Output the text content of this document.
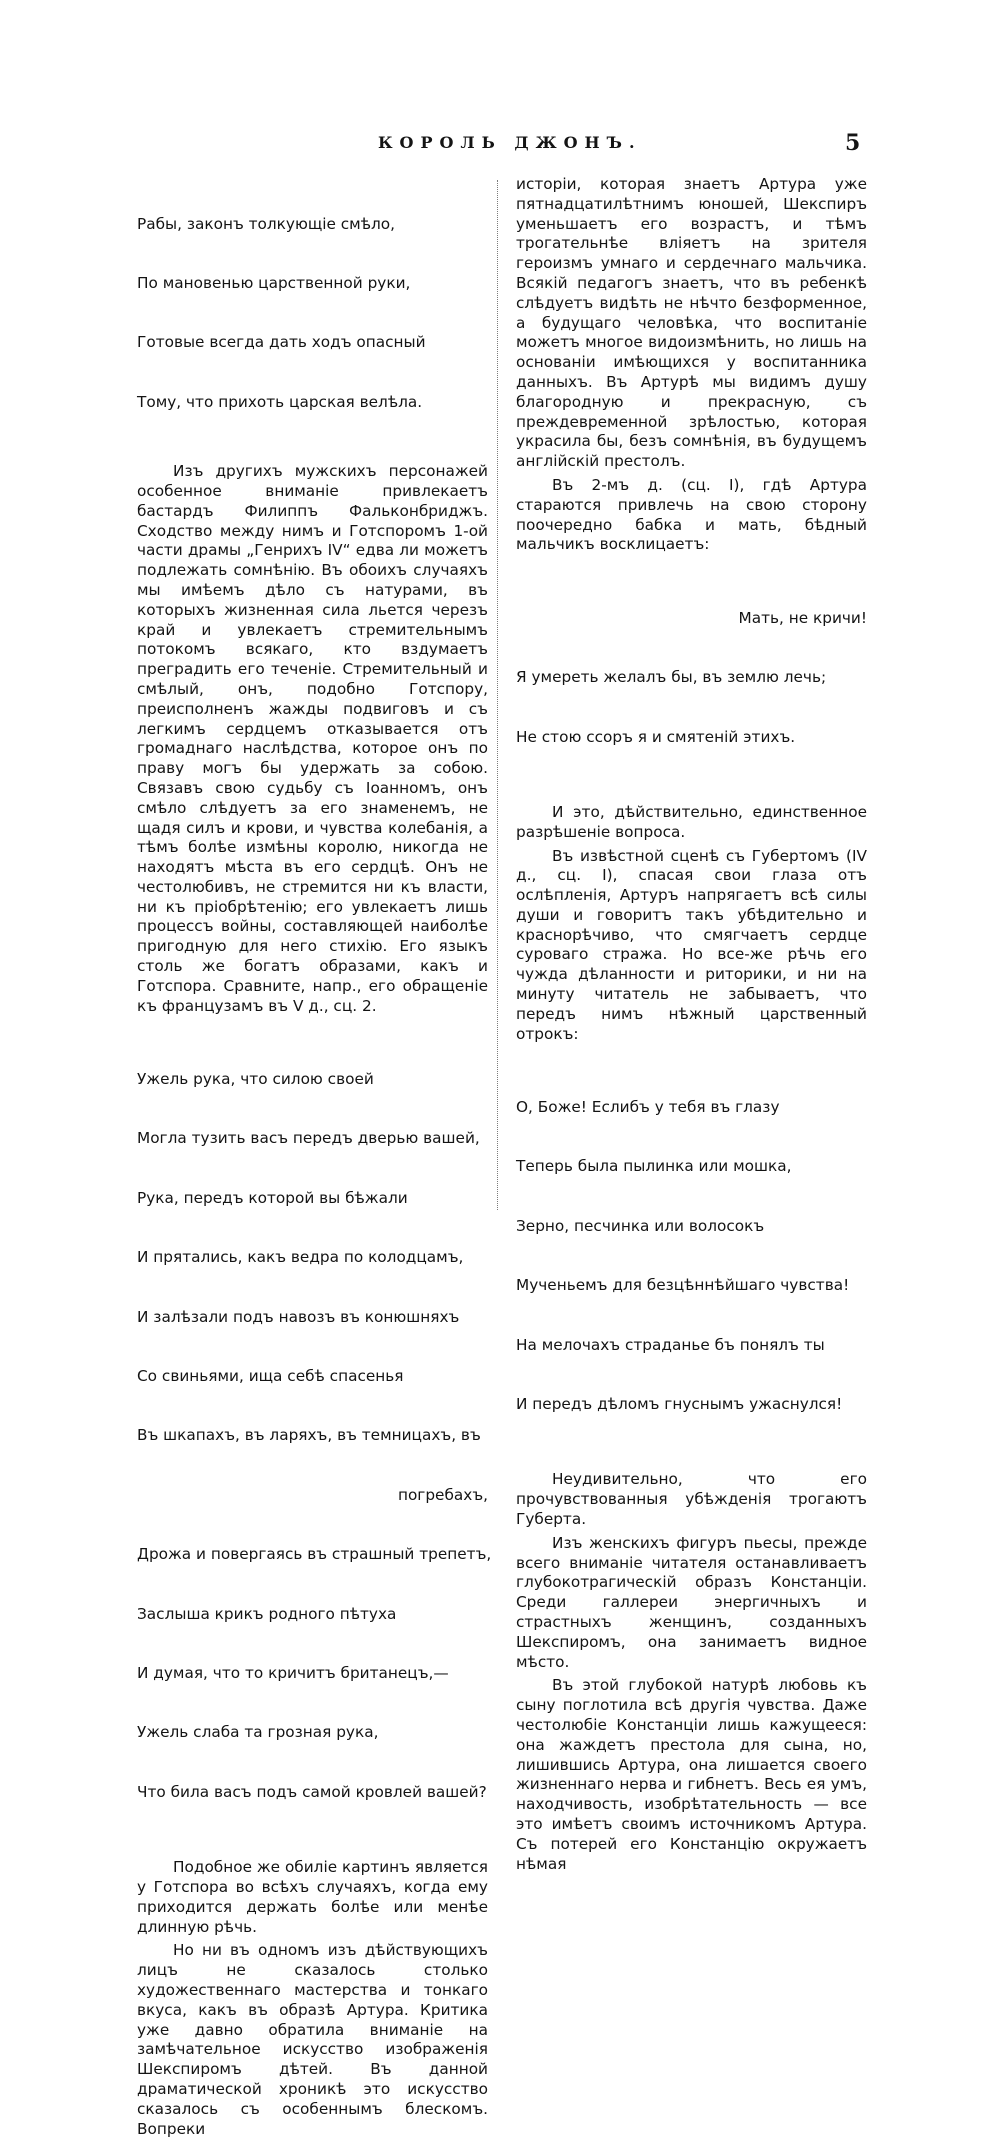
КОРОЛЬ ДЖОНЪ.	5

Рабы, законъ толкующіе смѣло,

По мановенью царственной руки,

Готовые всегда дать ходъ опасный

Тому, что прихоть царская велѣла.

Изъ другихъ мужскихъ персонажей особенное вниманіе привлекаетъ бастардъ Филиппъ Фальконбриджъ. Сходство между нимъ и Готспоромъ 1-ой части драмы „Генрихъ IV“ едва ли можетъ подлежать сомнѣнію. Въ обоихъ случаяхъ мы имѣемъ дѣло съ натурами, въ которыхъ жизненная сила льется черезъ край и увлекаетъ стремительнымъ потокомъ всякаго, кто вздумаетъ преградить его теченіе. Стремительный и смѣлый, онъ, подобно Готспору, преисполненъ жажды подвиговъ и съ легкимъ сердцемъ отказывается отъ громаднаго наслѣдства, которое онъ по праву могъ бы удержать за собою. Связавъ свою судьбу съ Іоанномъ, онъ смѣло слѣдуетъ за его знаменемъ, не щадя силъ и крови, и чувства колебанія, а тѣмъ болѣе измѣны королю, никогда не находятъ мѣста въ его сердцѣ. Онъ не честолюбивъ, не стремится ни къ власти, ни къ пріобрѣтенію; его увлекаетъ лишь процессъ войны, составляющей наиболѣе пригодную для него стихію. Его языкъ столь же богатъ образами, какъ и Готспора. Сравните, напр., его обращеніе къ французамъ въ V д., сц. 2.

Ужель рука, что силою своей

Могла тузить васъ передъ дверью вашей,

Рука, передъ которой вы бѣжали

И прятались, какъ ведра по колодцамъ,

И залѣзали подъ навозъ въ конюшняхъ

Со свиньями, ища себѣ спасенья

Въ шкапахъ, въ ларяхъ, въ темницахъ, въ

погребахъ,

Дрожа и повергаясь въ страшный трепетъ,

Заслыша крикъ родного пѣтуха

И думая, что то кричитъ британецъ,—

Ужель слаба та грозная рука,

Что била васъ подъ самой кровлей вашей?

Подобное же обиліе картинъ является у Готспора во всѣхъ случаяхъ, когда ему приходится держать болѣе или менѣе длинную рѣчь.

Но ни въ одномъ изъ дѣйствующихъ лицъ не сказалось столько художественнаго мастерства и тонкаго вкуса, какъ въ образѣ Артура. Критика уже давно обратила вниманіе на замѣчательное искусство изображенія Шекспиромъ дѣтей. Въ данной драматической хроникѣ это искусство сказалось съ особеннымъ блескомъ. Вопреки

исторіи, которая знаетъ Артура уже пятнадцатилѣтнимъ юношей, Шекспиръ уменьшаетъ его возрастъ, и тѣмъ трогательнѣе вліяетъ на зрителя героизмъ умнаго и сердечнаго мальчика. Всякій педагогъ знаетъ, что въ ребенкѣ слѣдуетъ видѣть не нѣчто безформенное, а будущаго человѣка, что воспитаніе можетъ многое видоизмѣнить, но лишь на основаніи имѣющихся у воспитанника данныхъ. Въ Артурѣ мы видимъ душу благородную и прекрасную, съ преждевременной зрѣлостью, которая украсила бы, безъ сомнѣнія, въ будущемъ англійскій престолъ.

Въ 2-мъ д. (сц. I), гдѣ Артура стараются привлечь на свою сторону поочередно бабка и мать, бѣдный мальчикъ восклицаетъ:

Мать, не кричи!

Я умереть желалъ бы, въ землю лечь;

Не стою ссоръ я и смятеній этихъ.

И это, дѣйствительно, единственное разрѣшеніе вопроса.

Въ извѣстной сценѣ съ Губертомъ (IV д., сц. I), спасая свои глаза отъ ослѣпленія, Артуръ напрягаетъ всѣ силы души и говоритъ такъ убѣдительно и краснорѣчиво, что смягчаетъ сердце суроваго стража. Но все-же рѣчь его чужда дѣланности и риторики, и ни на минуту читатель не забываетъ, что передъ нимъ нѣжный царственный отрокъ:

О, Боже! Еслибъ у тебя въ глазу

Теперь была пылинка или мошка,

Зерно, песчинка или волосокъ

Мученьемъ для безцѣннѣйшаго чувства!

На мелочахъ страданье бъ понялъ ты

И передъ дѣломъ гнуснымъ ужаснулся!

Неудивительно, что его прочувствованныя убѣжденія трогаютъ Губерта.

Изъ женскихъ фигуръ пьесы, прежде всего вниманіе читателя останавливаетъ глубокотрагическій образъ Констанціи. Среди галлереи энергичныхъ и страстныхъ женщинъ, созданныхъ Шекспиромъ, она занимаетъ видное мѣсто.

Въ этой глубокой натурѣ любовь къ сыну поглотила всѣ другія чувства. Даже честолюбіе Констанціи лишь кажущееся: она жаждетъ престола для сына, но, лишившись Артура, она лишается своего жизненнаго нерва и гибнетъ. Весь ея умъ, находчивость, изобрѣтательность — все это имѣетъ своимъ источникомъ Артура. Съ потерей его Констанцію окружаетъ нѣмая
